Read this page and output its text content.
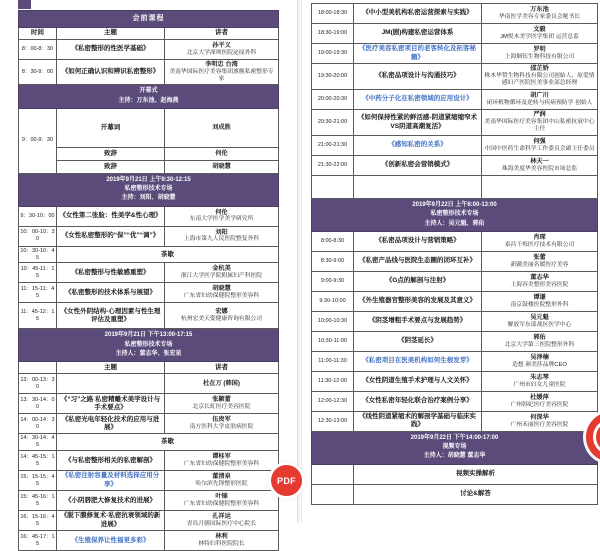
会前课程		

时间	主题	讲者
8：00-8：30	《私密整形的性医学基础》	孙平义
北京大学深圳医院泌尿外科

8：30-9：00	《如何正确认识和辨识私密整形》	李明忠 台湾
美南华国际医疗美容集团旗舰私密整形专家

开幕式
主持：万东池、赵海燕		

9：00-9：30	开幕词	刘成胜

	致辞	何伦

	致辞	胡晓慧

2019年9月21日 上午9:30-12:15
私密整形技术专场
主持：刘阳、胡晓慧		

9：30-10：00	《女性第二张脸：性美学&性心理》	何伦
东南大学医学美学研究所

10：00-10：30	《女性私密整形的“保”“优”“调”》	刘阳
上海市第九人民医院整复外科

10：30-10：45	茶歇	
10：45-11：15	《私密整形与性敏感重塑》	金杭美
浙江大学医学院附属妇产科医院

11：15-11：45	《私密整形的技术体系与展望》	胡晓慧
广东省妇幼保健院整形美容科

11：45-12：15	《女性外阴结构-心理因素与性生理评估及重塑》	宏娜
杭州宏美天姿健康咨询有限公司

2019年9月21日 下午13:00-17:15
私密整形技术专场
主持人：董志华、张宏星		

	主题	讲者
13：00-13：30		杜在万 (韩国)

13：30-14：00	《“习”之路 私密精雕术美学设计与手术要点》	张颖蕾
北京长虹医疗美容医院

14：00-14：30	《私密光电年轻化技术的应用与进展》	伍贵军
南方医科大学皮肤病医院

14：30-14：45	茶歇	
14：45-15：15	《与私密整形相关的私密解剖》	谭桂军
广东省妇幼保健院整形美容科

15：15-15：45	《私密注射容量及材料选择应用分享》	董清泉
哈尔滨先锋整形医院

15：45-16：15	《小阴唇肥大修复技术的进展》	叶锦
广东省妇幼保健院整形美容科

16：15-16：45	《脱下膜修复术-私密抗衰领域的新进展》	孔祥运
青岛月膳国际医疗中心院长

16：45-17：15	《生殖保养让性福更多彩》	林利
林特妇科医院院长
18:00-18:30	《中小型美机构私密运营探索与实践》	万东池
华南医学美容专家委员会秘书长

18:30-19:00	JM(剧)构建私密运营体系	文毅
JM悦木美学医学集团 运营总监

19:00-19:30	《医疗美容私密项目的老客转化及拓客秘籍》	罗明
上海烔钰生物科技有限公司

19:30-20:00	《私密品项设计与沟通技巧》	邵芷娇
株木华赞生物科技有限公司创始人、原爱情感妇产医院医美事业部总经理

20:00-20:30	《中药分子化在私密领域的应用设计》	胡广川
闭环植物循环及逆转与疾病预防学 创始人

20:30-21:00	《如何保持性紧的鲜活感-阴道紧缩缩窄术VS阴道高潮复活》	严润
美南华国际医疗美容集团中山私密抗衰中心主任

21:00-21:30	《感知私密的关系》	何强
中国中医药生命科学工作委员会副主任委员

21:30-22:00	《创新私密会营销模式》	林天一
珠海美度华美容医院市场总监

2019年9月22日 上午8:00-13:00
私密整形技术专场
主持人：吴元魁、郭佑		

8:00-8:30	《私密品项设计与营销策略》	肖琛
泰昌千烁医疗技术有限公司

8:30-9:00	《私密产品线与医院生态圈的闭环互补》	张蕾
新疆美丽名媛医疗美容

9:00-9:30	《G点的解剖与注射》	董志华
上海容美整形美容医院

9:30-10:00	《外生殖器官整形美容的发展及其意义》	谭谦
南京鼓楼医院整形外科

10:00-10:30	《阴茎增粗手术要点与发展趋势》	吴元魁
解放军东部战区医学中心

10:30-11:00	《阴茎延长》	郭佑
北京大学第三医院整形外科

11:00-11:30	《私密项目在医美机构如何生根发芽》	吴泽楠
造想 颜美莎品牌CEO

11:30-12:00	《女性阴道生殖手术护理与人文关怀》	朱志琴
广州市妇女儿童医院

12:00-12:30	《女性私密年轻化联合治疗案例分享》	杜媛萍
广州韩妃医疗美容医院

12:30-13:00	《线性阴道紧缩术的解剖学基础与临床实践》	何深华
广州禾丽医疗美容医院

2019年9月22日 下午14:00-17:00
视频专场
主持人：胡晓慧 董志华		

	视频实操解析	
	讨论&解答	
PDF
